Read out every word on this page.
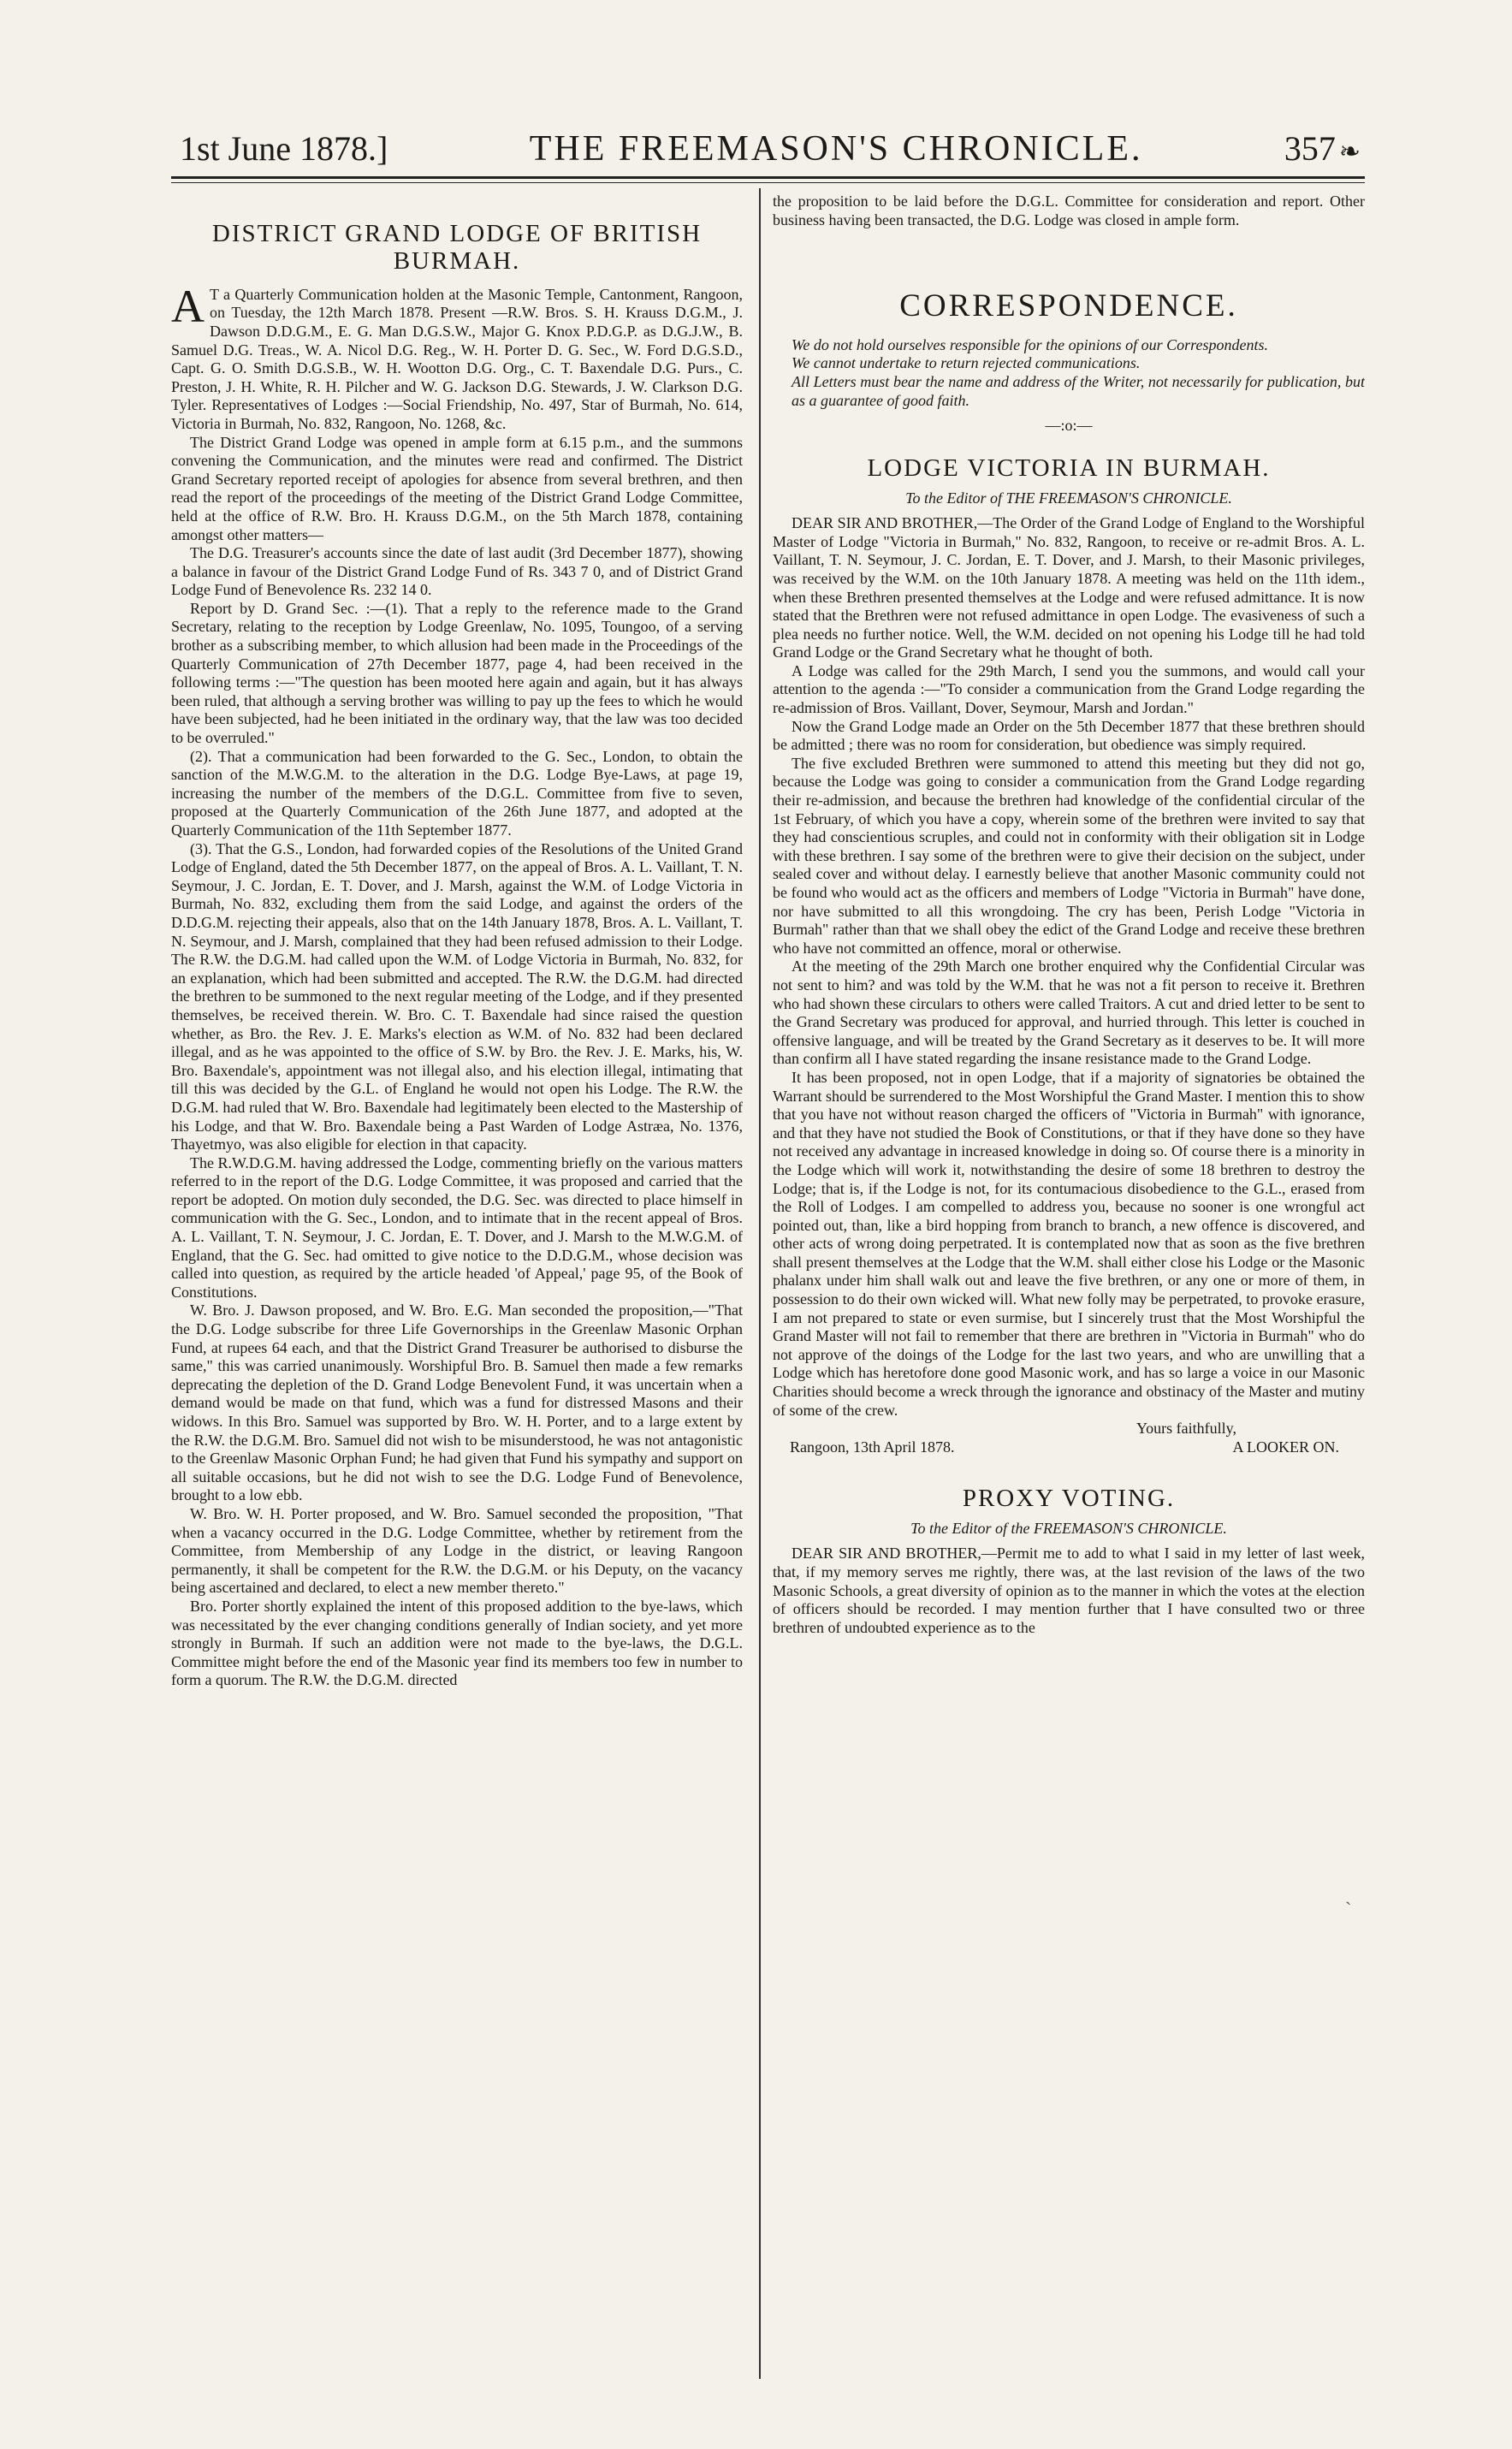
1st June 1878.]	THE FREEMASON'S CHRONICLE.	357 ❧
DISTRICT GRAND LODGE OF BRITISH BURMAH.

A T a Quarterly Communication holden at the Masonic Temple, Cantonment, Rangoon, on Tuesday, the 12th March 1878. Present —R.W. Bros. S. H. Krauss D.G.M., J. Dawson D.D.G.M., E. G. Man D.G.S.W., Major G. Knox P.D.G.P. as D.G.J.W., B. Samuel D.G. Treas., W. A. Nicol D.G. Reg., W. H. Porter D. G. Sec., W. Ford D.G.S.D., Capt. G. O. Smith D.G.S.B., W. H. Wootton D.G. Org., C. T. Baxendale D.G. Purs., C. Preston, J. H. White, R. H. Pilcher and W. G. Jackson D.G. Stewards, J. W. Clarkson D.G. Tyler. Representatives of Lodges :—Social Friendship, No. 497, Star of Burmah, No. 614, Victoria in Burmah, No. 832, Rangoon, No. 1268, &c.

The District Grand Lodge was opened in ample form at 6.15 p.m., and the summons convening the Communication, and the minutes were read and confirmed. The District Grand Secretary reported receipt of apologies for absence from several brethren, and then read the report of the proceedings of the meeting of the District Grand Lodge Committee, held at the office of R.W. Bro. H. Krauss D.G.M., on the 5th March 1878, containing amongst other matters—

The D.G. Treasurer's accounts since the date of last audit (3rd December 1877), showing a balance in favour of the District Grand Lodge Fund of Rs. 343 7 0, and of District Grand Lodge Fund of Benevolence Rs. 232 14 0.

Report by D. Grand Sec. :—(1). That a reply to the reference made to the Grand Secretary, relating to the reception by Lodge Greenlaw, No. 1095, Toungoo, of a serving brother as a subscribing member, to which allusion had been made in the Proceedings of the Quarterly Communication of 27th December 1877, page 4, had been received in the following terms :—"The question has been mooted here again and again, but it has always been ruled, that although a serving brother was willing to pay up the fees to which he would have been subjected, had he been initiated in the ordinary way, that the law was too decided to be overruled."

(2). That a communication had been forwarded to the G. Sec., London, to obtain the sanction of the M.W.G.M. to the alteration in the D.G. Lodge Bye-Laws, at page 19, increasing the number of the members of the D.G.L. Committee from five to seven, proposed at the Quarterly Communication of the 26th June 1877, and adopted at the Quarterly Communication of the 11th September 1877.

(3). That the G.S., London, had forwarded copies of the Resolutions of the United Grand Lodge of England, dated the 5th December 1877, on the appeal of Bros. A. L. Vaillant, T. N. Seymour, J. C. Jordan, E. T. Dover, and J. Marsh, against the W.M. of Lodge Victoria in Burmah, No. 832, excluding them from the said Lodge, and against the orders of the D.D.G.M. rejecting their appeals, also that on the 14th January 1878, Bros. A. L. Vaillant, T. N. Seymour, and J. Marsh, complained that they had been refused admission to their Lodge. The R.W. the D.G.M. had called upon the W.M. of Lodge Victoria in Burmah, No. 832, for an explanation, which had been submitted and accepted. The R.W. the D.G.M. had directed the brethren to be summoned to the next regular meeting of the Lodge, and if they presented themselves, be received therein. W. Bro. C. T. Baxendale had since raised the question whether, as Bro. the Rev. J. E. Marks's election as W.M. of No. 832 had been declared illegal, and as he was appointed to the office of S.W. by Bro. the Rev. J. E. Marks, his, W. Bro. Baxendale's, appointment was not illegal also, and his election illegal, intimating that till this was decided by the G.L. of England he would not open his Lodge. The R.W. the D.G.M. had ruled that W. Bro. Baxendale had legitimately been elected to the Mastership of his Lodge, and that W. Bro. Baxendale being a Past Warden of Lodge Astræa, No. 1376, Thayetmyo, was also eligible for election in that capacity.

The R.W.D.G.M. having addressed the Lodge, commenting briefly on the various matters referred to in the report of the D.G. Lodge Committee, it was proposed and carried that the report be adopted. On motion duly seconded, the D.G. Sec. was directed to place himself in communication with the G. Sec., London, and to intimate that in the recent appeal of Bros. A. L. Vaillant, T. N. Seymour, J. C. Jordan, E. T. Dover, and J. Marsh to the M.W.G.M. of England, that the G. Sec. had omitted to give notice to the D.D.G.M., whose decision was called into question, as required by the article headed 'of Appeal,' page 95, of the Book of Constitutions.

W. Bro. J. Dawson proposed, and W. Bro. E.G. Man seconded the proposition,—"That the D.G. Lodge subscribe for three Life Governorships in the Greenlaw Masonic Orphan Fund, at rupees 64 each, and that the District Grand Treasurer be authorised to disburse the same," this was carried unanimously. Worshipful Bro. B. Samuel then made a few remarks deprecating the depletion of the D. Grand Lodge Benevolent Fund, it was uncertain when a demand would be made on that fund, which was a fund for distressed Masons and their widows. In this Bro. Samuel was supported by Bro. W. H. Porter, and to a large extent by the R.W. the D.G.M. Bro. Samuel did not wish to be misunderstood, he was not antagonistic to the Greenlaw Masonic Orphan Fund; he had given that Fund his sympathy and support on all suitable occasions, but he did not wish to see the D.G. Lodge Fund of Benevolence, brought to a low ebb.

W. Bro. W. H. Porter proposed, and W. Bro. Samuel seconded the proposition, "That when a vacancy occurred in the D.G. Lodge Committee, whether by retirement from the Committee, from Membership of any Lodge in the district, or leaving Rangoon permanently, it shall be competent for the R.W. the D.G.M. or his Deputy, on the vacancy being ascertained and declared, to elect a new member thereto."

Bro. Porter shortly explained the intent of this proposed addition to the bye-laws, which was necessitated by the ever changing conditions generally of Indian society, and yet more strongly in Burmah. If such an addition were not made to the bye-laws, the D.G.L. Committee might before the end of the Masonic year find its members too few in number to form a quorum. The R.W. the D.G.M. directed

the proposition to be laid before the D.G.L. Committee for consideration and report. Other business having been transacted, the D.G. Lodge was closed in ample form.

CORRESPONDENCE.

We do not hold ourselves responsible for the opinions of our Correspondents.

We cannot undertake to return rejected communications.

All Letters must bear the name and address of the Writer, not necessarily for publication, but as a guarantee of good faith.

—:o:—
LODGE VICTORIA IN BURMAH.
To the Editor of THE FREEMASON'S CHRONICLE.

DEAR SIR AND BROTHER,—The Order of the Grand Lodge of England to the Worshipful Master of Lodge "Victoria in Burmah," No. 832, Rangoon, to receive or re-admit Bros. A. L. Vaillant, T. N. Seymour, J. C. Jordan, E. T. Dover, and J. Marsh, to their Masonic privileges, was received by the W.M. on the 10th January 1878. A meeting was held on the 11th idem., when these Brethren presented themselves at the Lodge and were refused admittance. It is now stated that the Brethren were not refused admittance in open Lodge. The evasiveness of such a plea needs no further notice. Well, the W.M. decided on not opening his Lodge till he had told Grand Lodge or the Grand Secretary what he thought of both.

A Lodge was called for the 29th March, I send you the summons, and would call your attention to the agenda :—"To consider a communication from the Grand Lodge regarding the re-admission of Bros. Vaillant, Dover, Seymour, Marsh and Jordan."

Now the Grand Lodge made an Order on the 5th December 1877 that these brethren should be admitted ; there was no room for consideration, but obedience was simply required.

The five excluded Brethren were summoned to attend this meeting but they did not go, because the Lodge was going to consider a communication from the Grand Lodge regarding their re-admission, and because the brethren had knowledge of the confidential circular of the 1st February, of which you have a copy, wherein some of the brethren were invited to say that they had conscientious scruples, and could not in conformity with their obligation sit in Lodge with these brethren. I say some of the brethren were to give their decision on the subject, under sealed cover and without delay. I earnestly believe that another Masonic community could not be found who would act as the officers and members of Lodge "Victoria in Burmah" have done, nor have submitted to all this wrongdoing. The cry has been, Perish Lodge "Victoria in Burmah" rather than that we shall obey the edict of the Grand Lodge and receive these brethren who have not committed an offence, moral or otherwise.

At the meeting of the 29th March one brother enquired why the Confidential Circular was not sent to him? and was told by the W.M. that he was not a fit person to receive it. Brethren who had shown these circulars to others were called Traitors. A cut and dried letter to be sent to the Grand Secretary was produced for approval, and hurried through. This letter is couched in offensive language, and will be treated by the Grand Secretary as it deserves to be. It will more than confirm all I have stated regarding the insane resistance made to the Grand Lodge.

It has been proposed, not in open Lodge, that if a majority of signatories be obtained the Warrant should be surrendered to the Most Worshipful the Grand Master. I mention this to show that you have not without reason charged the officers of "Victoria in Burmah" with ignorance, and that they have not studied the Book of Constitutions, or that if they have done so they have not received any advantage in increased knowledge in doing so. Of course there is a minority in the Lodge which will work it, notwithstanding the desire of some 18 brethren to destroy the Lodge; that is, if the Lodge is not, for its contumacious disobedience to the G.L., erased from the Roll of Lodges. I am compelled to address you, because no sooner is one wrongful act pointed out, than, like a bird hopping from branch to branch, a new offence is discovered, and other acts of wrong doing perpetrated. It is contemplated now that as soon as the five brethren shall present themselves at the Lodge that the W.M. shall either close his Lodge or the Masonic phalanx under him shall walk out and leave the five brethren, or any one or more of them, in possession to do their own wicked will. What new folly may be perpetrated, to provoke erasure, I am not prepared to state or even surmise, but I sincerely trust that the Most Worshipful the Grand Master will not fail to remember that there are brethren in "Victoria in Burmah" who do not approve of the doings of the Lodge for the last two years, and who are unwilling that a Lodge which has heretofore done good Masonic work, and has so large a voice in our Masonic Charities should become a wreck through the ignorance and obstinacy of the Master and mutiny of some of the crew.

Yours faithfully,
Rangoon, 13th April 1878.	A LOOKER ON.
PROXY VOTING.
To the Editor of the FREEMASON'S CHRONICLE.

DEAR SIR AND BROTHER,—Permit me to add to what I said in my letter of last week, that, if my memory serves me rightly, there was, at the last revision of the laws of the two Masonic Schools, a great diversity of opinion as to the manner in which the votes at the election of officers should be recorded. I may mention further that I have consulted two or three brethren of undoubted experience as to the

`
